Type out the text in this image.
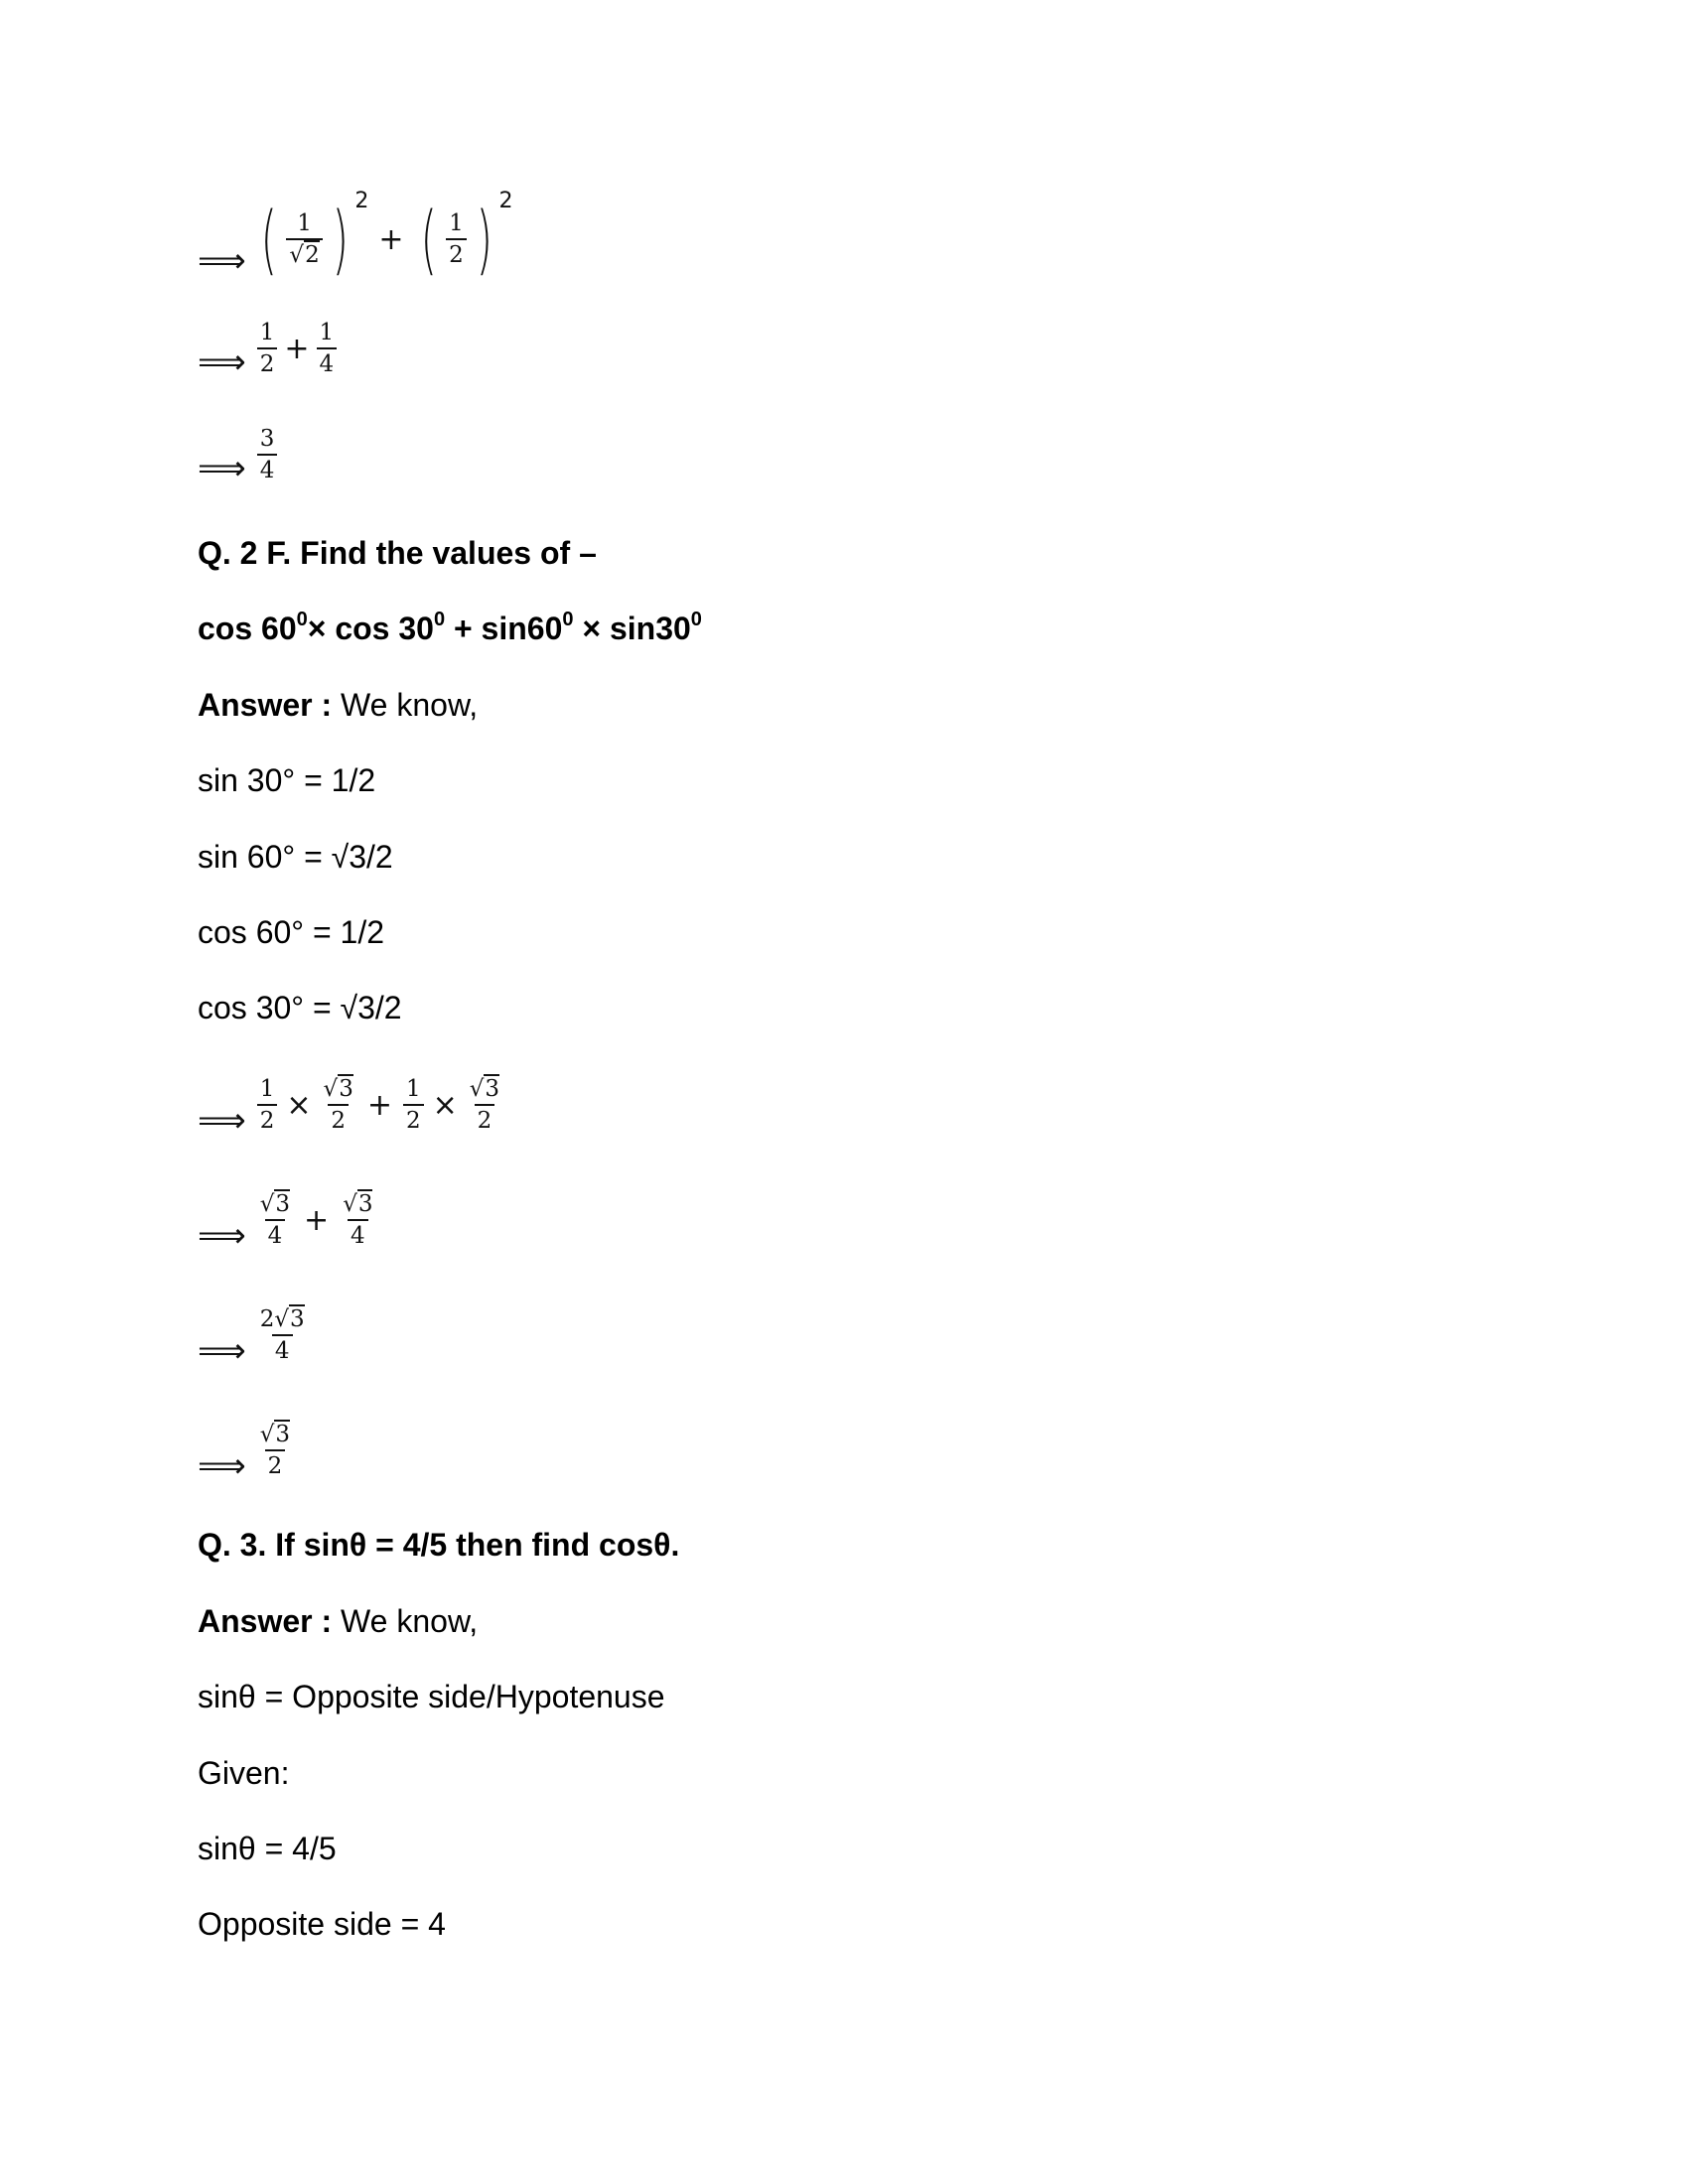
⟹ ( $\frac{1}{√2}$ ) 2
+ ( $\frac{1}{2}$ ) 2
⟹ $\frac{1}{2} + \frac{1}{4}$
⟹ $\frac{3}{4}$
Q. 2 F. Find the values of –
$\cos 60^0\times \cos 30^0 + \sin 60^0 \times \sin 30^0$
Answer : We know,
sin 30° = 1/2
sin 60° = √3/2
cos 60° = 1/2
cos 30° = √3/2
⟹ $\frac{1}{2} \times \frac{√3}{2} + \frac{1}{2} \times \frac{√3}{2}$
⟹ $\frac{√3}{4} + \frac{√3}{4}$
⟹ $\frac{2√3}{4}$
⟹ $\frac{√3}{2}$
Q. 3. If sinθ = 4/5 then find cosθ.
Answer : We know,
sinθ = Opposite side/Hypotenuse
Given:
sinθ = 4/5
Opposite side = 4
